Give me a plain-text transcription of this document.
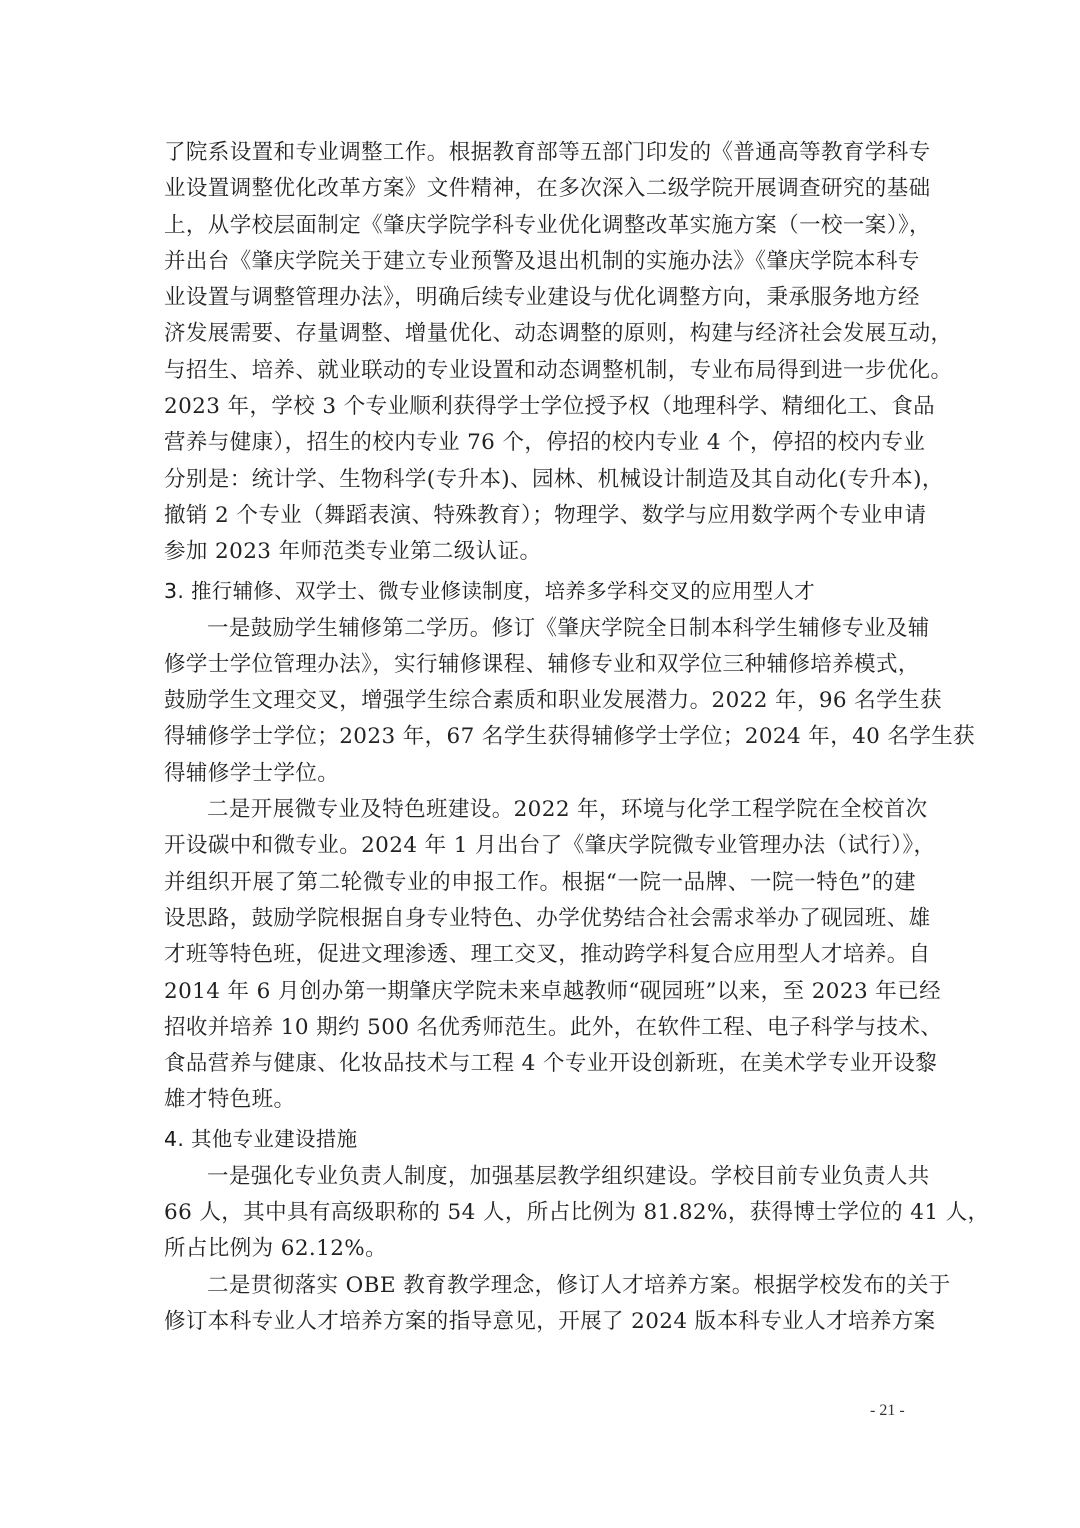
了院系设置和专业调整工作。根据教育部等五部门印发的《普通高等教育学科专
业设置调整优化改革方案》文件精神，在多次深入二级学院开展调查研究的基础
上，从学校层面制定《肇庆学院学科专业优化调整改革实施方案（一校一案）》，
并出台《肇庆学院关于建立专业预警及退出机制的实施办法》《肇庆学院本科专
业设置与调整管理办法》，明确后续专业建设与优化调整方向，秉承服务地方经
济发展需要、存量调整、增量优化、动态调整的原则，构建与经济社会发展互动，
与招生、培养、就业联动的专业设置和动态调整机制，专业布局得到进一步优化。
2023 年，学校 3 个专业顺利获得学士学位授予权（地理科学、精细化工、食品
营养与健康），招生的校内专业 76 个，停招的校内专业 4 个，停招的校内专业
分别是：统计学、生物科学(专升本)、园林、机械设计制造及其自动化(专升本)，
撤销 2 个专业（舞蹈表演、特殊教育）；物理学、数学与应用数学两个专业申请
参加 2023 年师范类专业第二级认证。
3. 推行辅修、双学士、微专业修读制度，培养多学科交叉的应用型人才
一是鼓励学生辅修第二学历。修订《肇庆学院全日制本科学生辅修专业及辅
修学士学位管理办法》，实行辅修课程、辅修专业和双学位三种辅修培养模式，
鼓励学生文理交叉，增强学生综合素质和职业发展潜力。2022 年，96 名学生获
得辅修学士学位；2023 年，67 名学生获得辅修学士学位；2024 年，40 名学生获
得辅修学士学位。
二是开展微专业及特色班建设。2022 年，环境与化学工程学院在全校首次
开设碳中和微专业。2024 年 1 月出台了《肇庆学院微专业管理办法（试行）》，
并组织开展了第二轮微专业的申报工作。根据“一院一品牌、一院一特色”的建
设思路，鼓励学院根据自身专业特色、办学优势结合社会需求举办了砚园班、雄
才班等特色班，促进文理渗透、理工交叉，推动跨学科复合应用型人才培养。自
2014 年 6 月创办第一期肇庆学院未来卓越教师“砚园班”以来，至 2023 年已经
招收并培养 10 期约 500 名优秀师范生。此外，在软件工程、电子科学与技术、
食品营养与健康、化妆品技术与工程 4 个专业开设创新班，在美术学专业开设黎
雄才特色班。
4. 其他专业建设措施
一是强化专业负责人制度，加强基层教学组织建设。学校目前专业负责人共
66 人，其中具有高级职称的 54 人，所占比例为 81.82%，获得博士学位的 41 人，
所占比例为 62.12%。
二是贯彻落实 OBE 教育教学理念，修订人才培养方案。根据学校发布的关于
修订本科专业人才培养方案的指导意见，开展了 2024 版本科专业人才培养方案
- 21 -
